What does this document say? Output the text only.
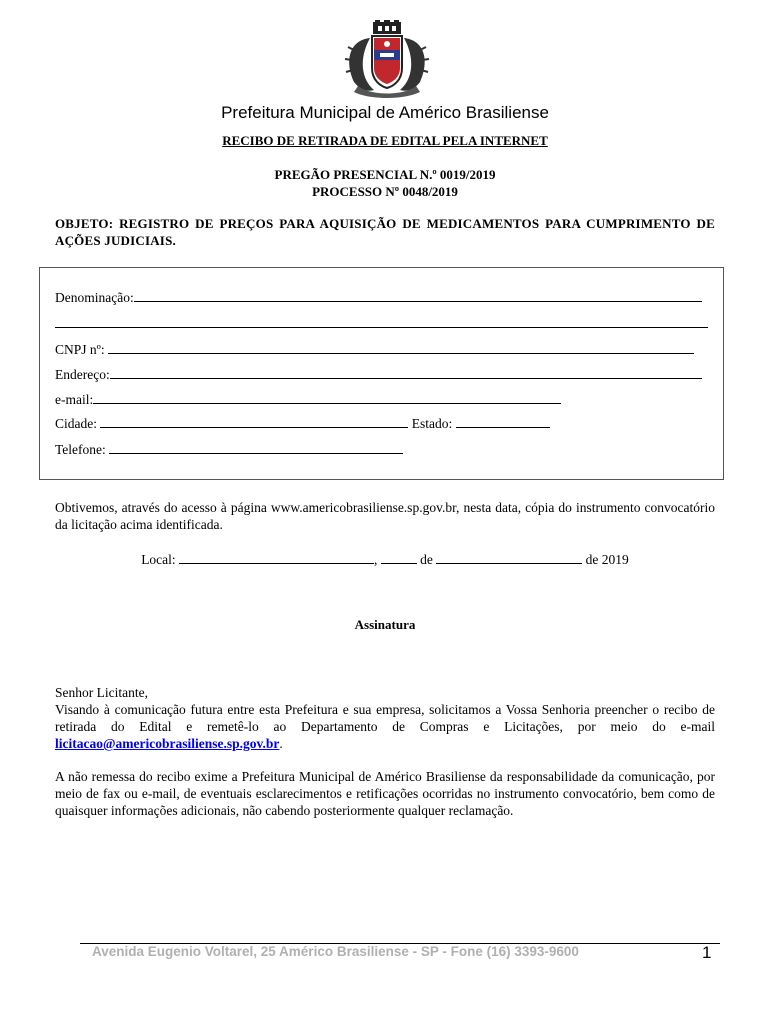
Prefeitura Municipal de Américo Brasiliense
RECIBO DE RETIRADA DE EDITAL PELA INTERNET
PREGÃO PRESENCIAL N.º 0019/2019
PROCESSO Nº 0048/2019
OBJETO: REGISTRO DE PREÇOS PARA AQUISIÇÃO DE MEDICAMENTOS PARA CUMPRIMENTO DE AÇÕES JUDICIAIS.
Denominação:
CNPJ nº:
Endereço:
e-mail:
Cidade:	Estado:
Telefone:
Obtivemos, através do acesso à página www.americobrasiliense.sp.gov.br, nesta data, cópia do instrumento convocatório da licitação acima identificada.
Local:	,	de	de 2019
Assinatura
Senhor Licitante,
Visando à comunicação futura entre esta Prefeitura e sua empresa, solicitamos a Vossa Senhoria preencher o recibo de retirada do Edital e remetê-lo ao Departamento de Compras e Licitações, por meio do e-mail licitacao@americobrasiliense.sp.gov.br.
A não remessa do recibo exime a Prefeitura Municipal de Américo Brasiliense da responsabilidade da comunicação, por meio de fax ou e-mail, de eventuais esclarecimentos e retificações ocorridas no instrumento convocatório, bem como de quaisquer informações adicionais, não cabendo posteriormente qualquer reclamação.
Avenida Eugenio Voltarel, 25 Américo Brasiliense - SP - Fone (16) 3393-9600	1
